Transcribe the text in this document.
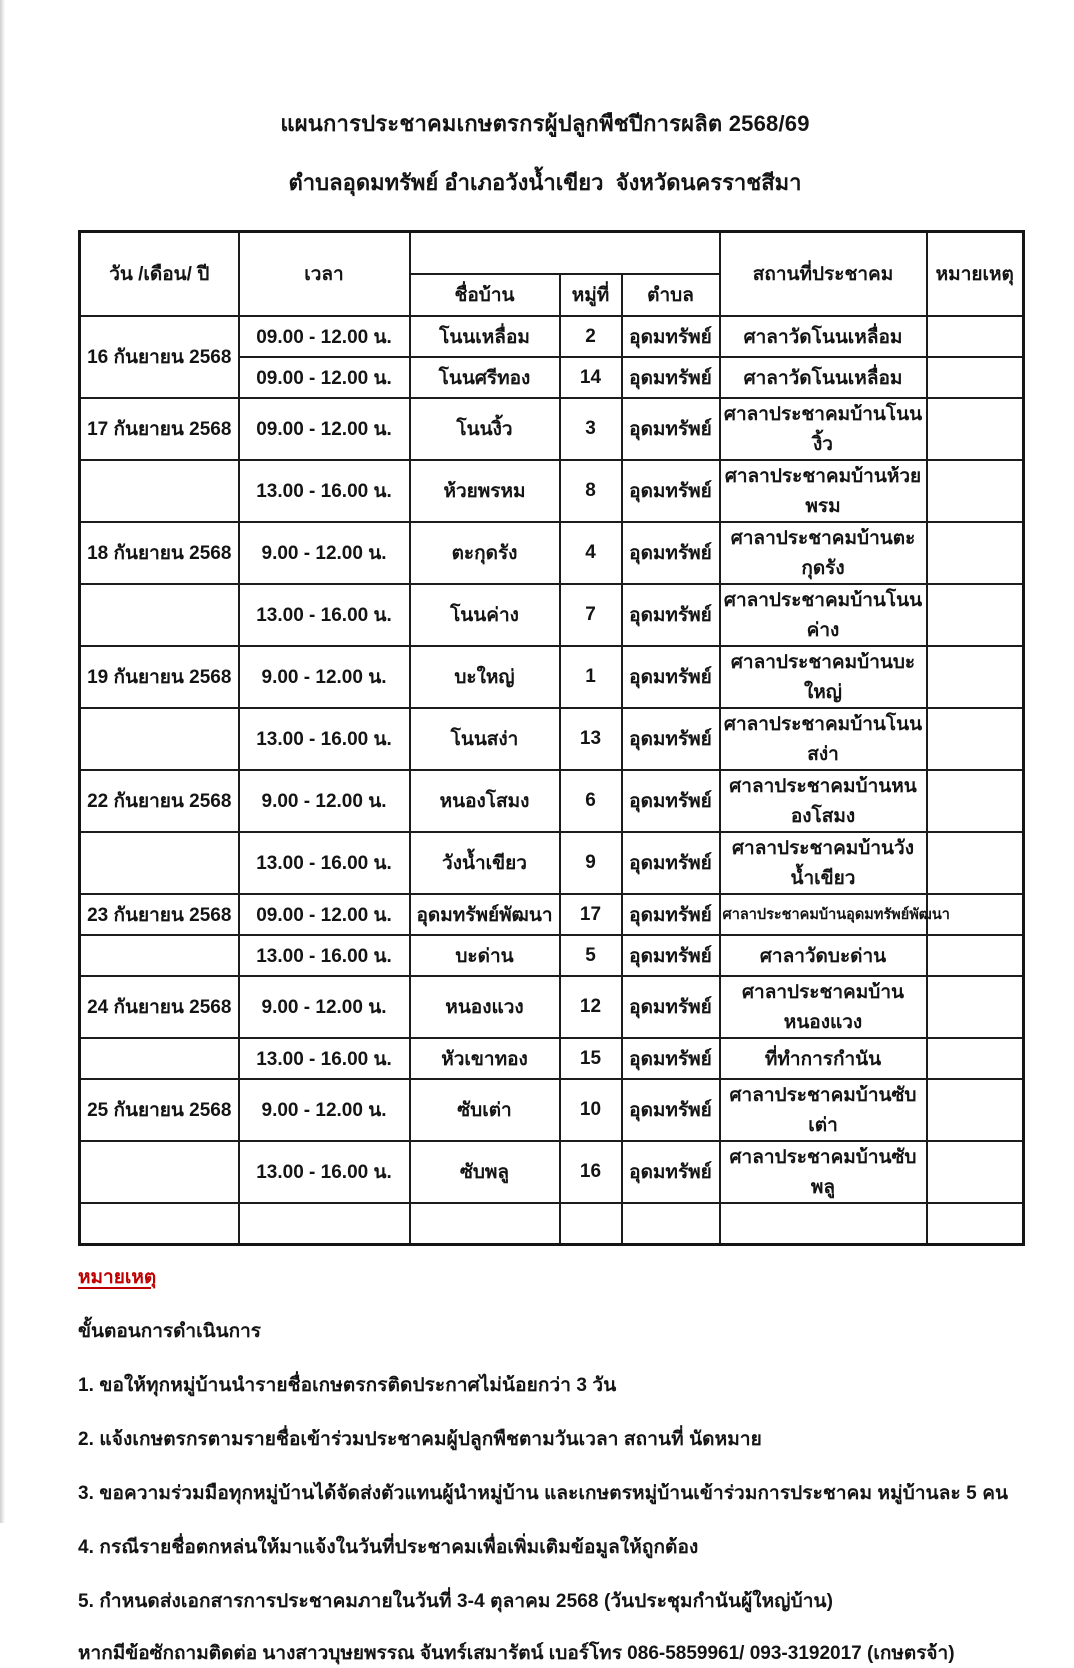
แผนการประชาคมเกษตรกรผู้ปลูกพืชปีการผลิต 2568/69
ตำบลอุดมทรัพย์ อำเภอวังน้ำเขียว  จังหวัดนครราชสีมา
วัน /เดือน/ ปี	เวลา				สถานที่ประชาคม	หมายเหตุ
		ชื่อบ้าน	หมู่ที่	ตำบล		
16 กันยายน 2568	09.00 - 12.00 น.	โนนเหลื่อม	2	อุดมทรัพย์	ศาลาวัดโนนเหลื่อม	
	09.00 - 12.00 น.	โนนศรีทอง	14	อุดมทรัพย์	ศาลาวัดโนนเหลื่อม	
17 กันยายน 2568	09.00 - 12.00 น.	โนนงิ้ว	3	อุดมทรัพย์	ศาลาประชาคมบ้านโนนงิ้ว	
	13.00 - 16.00 น.	ห้วยพรหม	8	อุดมทรัพย์	ศาลาประชาคมบ้านห้วยพรม	
18 กันยายน 2568	9.00 - 12.00 น.	ตะกุดรัง	4	อุดมทรัพย์	ศาลาประชาคมบ้านตะกุดรัง	
	13.00 - 16.00 น.	โนนค่าง	7	อุดมทรัพย์	ศาลาประชาคมบ้านโนนค่าง	
19 กันยายน 2568	9.00 - 12.00 น.	บะใหญ่	1	อุดมทรัพย์	ศาลาประชาคมบ้านบะใหญ่	
	13.00 - 16.00 น.	โนนสง่า	13	อุดมทรัพย์	ศาลาประชาคมบ้านโนนสง่า	
22 กันยายน 2568	9.00 - 12.00 น.	หนองโสมง	6	อุดมทรัพย์	ศาลาประชาคมบ้านหนองโสมง	
	13.00 - 16.00 น.	วังน้ำเขียว	9	อุดมทรัพย์	ศาลาประชาคมบ้านวังน้ำเขียว	
23 กันยายน 2568	09.00 - 12.00 น.	อุดมทรัพย์พัฒนา	17	อุดมทรัพย์	ศาลาประชาคมบ้านอุดมทรัพย์พัฒนา	
	13.00 - 16.00 น.	บะด่าน	5	อุดมทรัพย์	ศาลาวัดบะด่าน	
24 กันยายน 2568	9.00 - 12.00 น.	หนองแวง	12	อุดมทรัพย์	ศาลาประชาคมบ้านหนองแวง	
	13.00 - 16.00 น.	หัวเขาทอง	15	อุดมทรัพย์	ที่ทำการกำนัน	
25 กันยายน 2568	9.00 - 12.00 น.	ซับเต่า	10	อุดมทรัพย์	ศาลาประชาคมบ้านซับเต่า	
	13.00 - 16.00 น.	ซับพลู	16	อุดมทรัพย์	ศาลาประชาคมบ้านซับพลู	

หมายเหตุ
ขั้นตอนการดำเนินการ
1. ขอให้ทุกหมู่บ้านนำรายชื่อเกษตรกรติดประกาศไม่น้อยกว่า 3 วัน
2. แจ้งเกษตรกรตามรายชื่อเข้าร่วมประชาคมผู้ปลูกพืชตามวันเวลา สถานที่ นัดหมาย
3. ขอความร่วมมือทุกหมู่บ้านได้จัดส่งตัวแทนผู้นำหมู่บ้าน และเกษตรหมู่บ้านเข้าร่วมการประชาคม หมู่บ้านละ 5 คน
4. กรณีรายชื่อตกหล่นให้มาแจ้งในวันที่ประชาคมเพื่อเพิ่มเติมข้อมูลให้ถูกต้อง
5. กำหนดส่งเอกสารการประชาคมภายในวันที่ 3-4 ตุลาคม 2568 (วันประชุมกำนันผู้ใหญ่บ้าน)
หากมีข้อซักถามติดต่อ นางสาวบุษยพรรณ จันทร์เสมารัตน์ เบอร์โทร 086-5859961/ 093-3192017 (เกษตรจ้า)
